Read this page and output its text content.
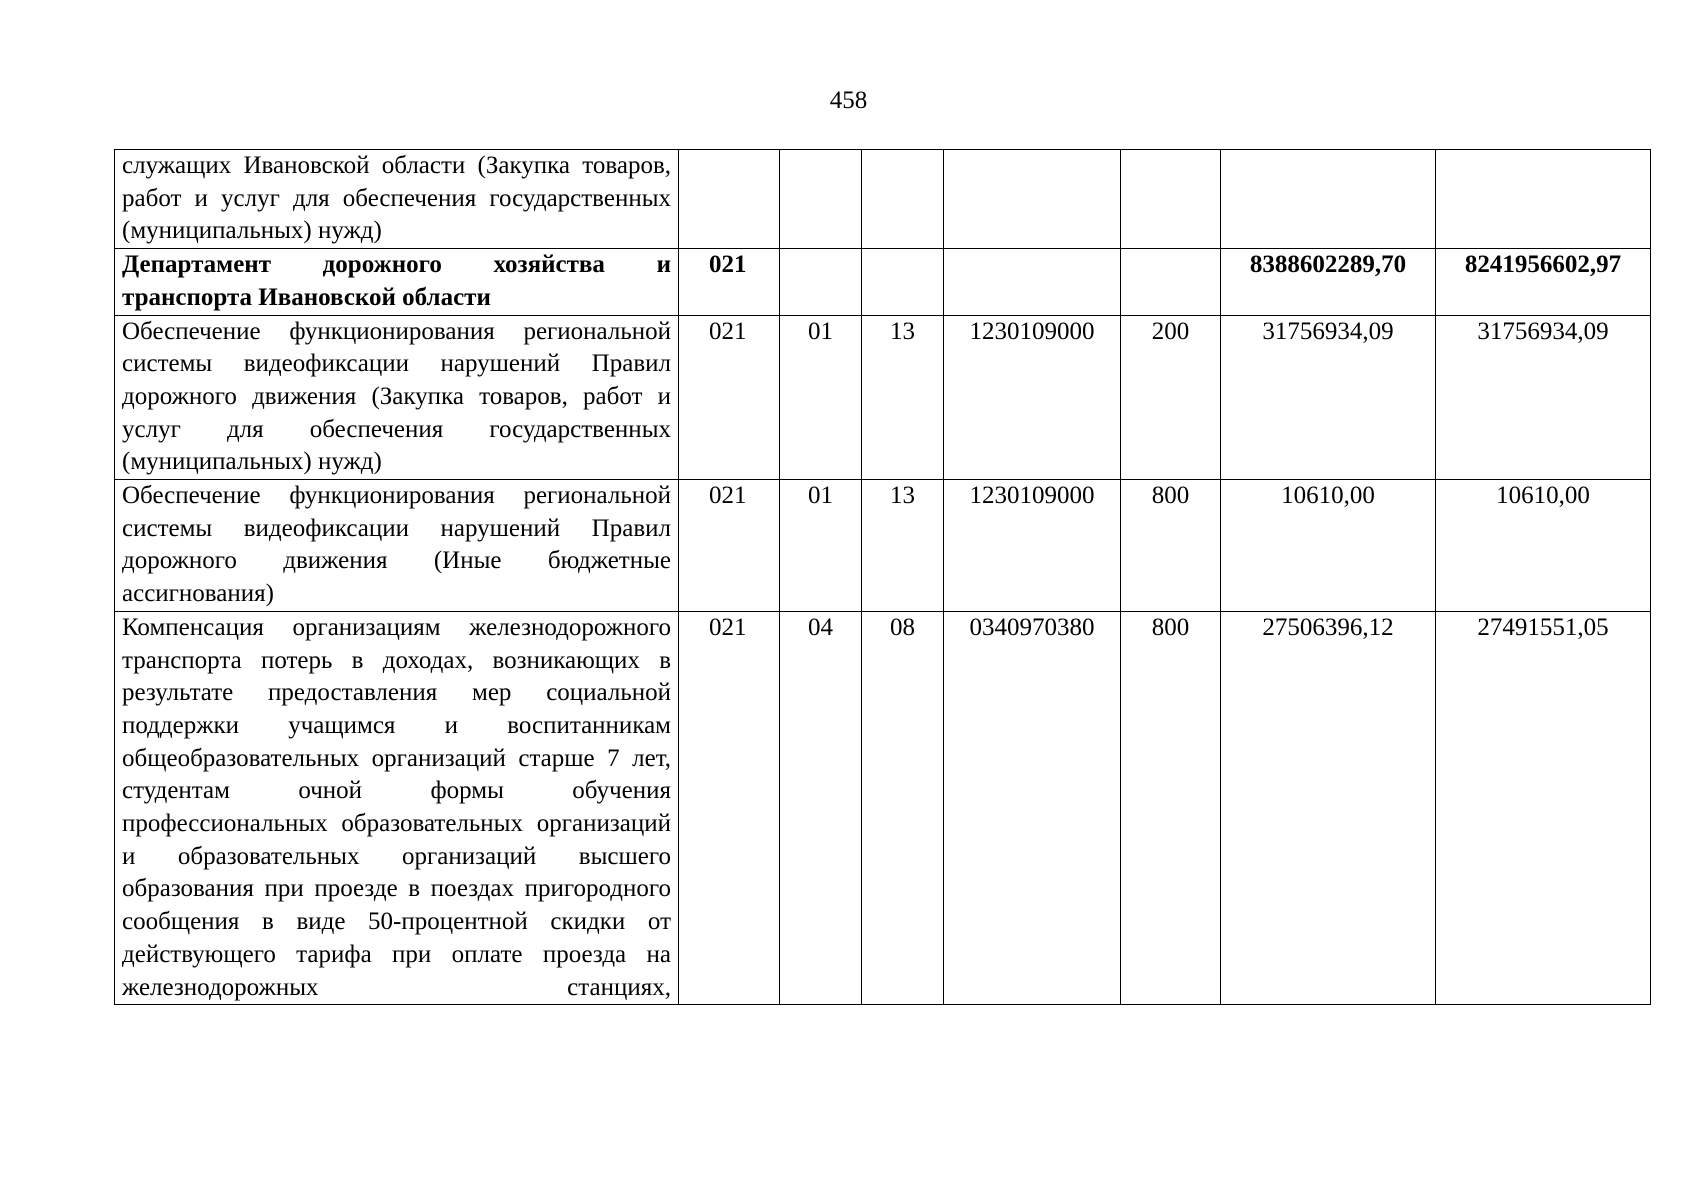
458
служащих Ивановской области (Закупка товаров, работ и услуг для обеспечения государственных (муниципальных) нужд)							
Департамент дорожного хозяйства и транспорта Ивановской области	021					8388602289,70	8241956602,97
Обеспечение функционирования региональной системы видеофиксации нарушений Правил дорожного движения (Закупка товаров, работ и услуг для обеспечения государственных (муниципальных) нужд)	021	01	13	1230109000	200	31756934,09	31756934,09
Обеспечение функционирования региональной системы видеофиксации нарушений Правил дорожного движения (Иные бюджетные ассигнования)	021	01	13	1230109000	800	10610,00	10610,00
Компенсация организациям железнодорожного транспорта потерь в доходах, возникающих в результате предоставления мер социальной поддержки учащимся и воспитанникам общеобразовательных организаций старше 7 лет, студентам очной формы обучения профессиональных образовательных организаций и образовательных организаций высшего образования при проезде в поездах пригородного сообщения в виде 50-процентной скидки от действующего тарифа при оплате проезда на железнодорожных станциях,	021	04	08	0340970380	800	27506396,12	27491551,05
